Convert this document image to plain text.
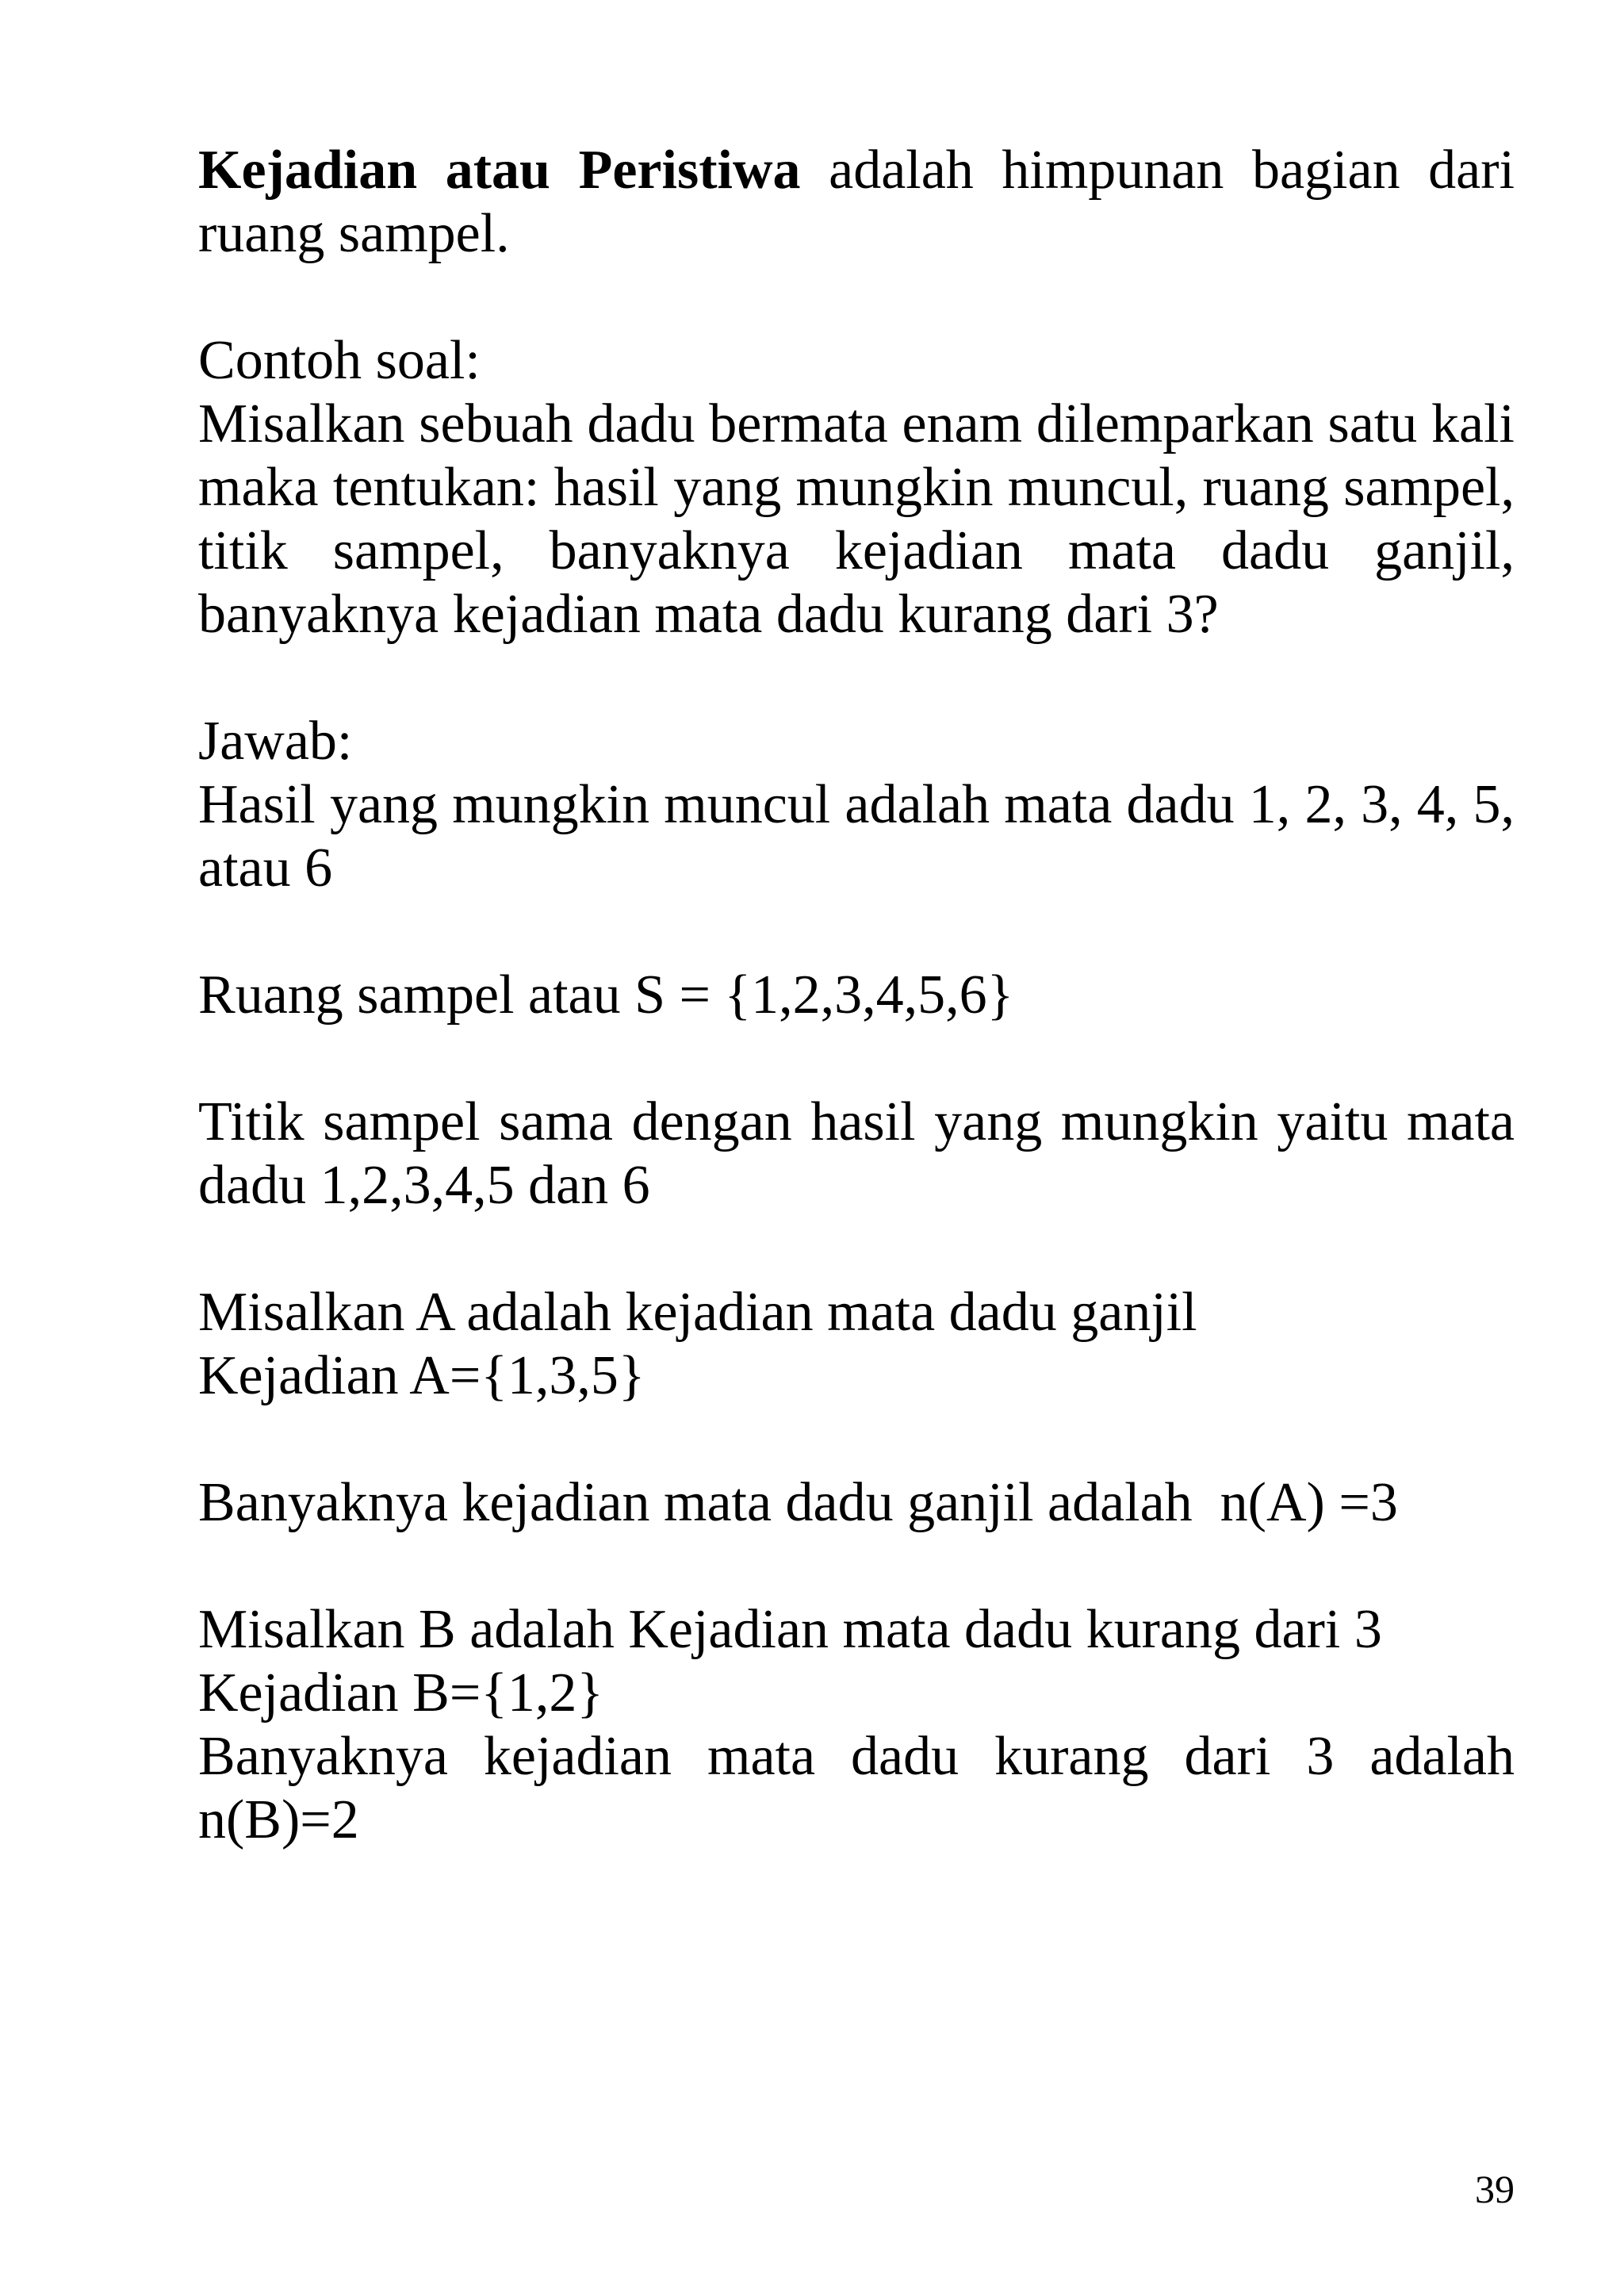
Kejadian atau Peristiwa adalah himpunan bagian dari
ruang sampel.
Contoh soal:
Misalkan sebuah dadu bermata enam dilemparkan satu kali
maka tentukan: hasil yang mungkin muncul, ruang sampel,
titik sampel, banyaknya kejadian mata dadu ganjil,
banyaknya kejadian mata dadu kurang dari 3?
Jawab:
Hasil yang mungkin muncul adalah mata dadu 1, 2, 3, 4, 5,
atau 6
Ruang sampel atau S = {1,2,3,4,5,6}
Titik sampel sama dengan hasil yang mungkin yaitu mata
dadu 1,2,3,4,5 dan 6
Misalkan A adalah kejadian mata dadu ganjil
Kejadian A={1,3,5}
Banyaknya kejadian mata dadu ganjil adalah  n(A) =3
Misalkan B adalah Kejadian mata dadu kurang dari 3
Kejadian B={1,2}
Banyaknya kejadian mata dadu kurang dari 3 adalah
n(B)=2
39
